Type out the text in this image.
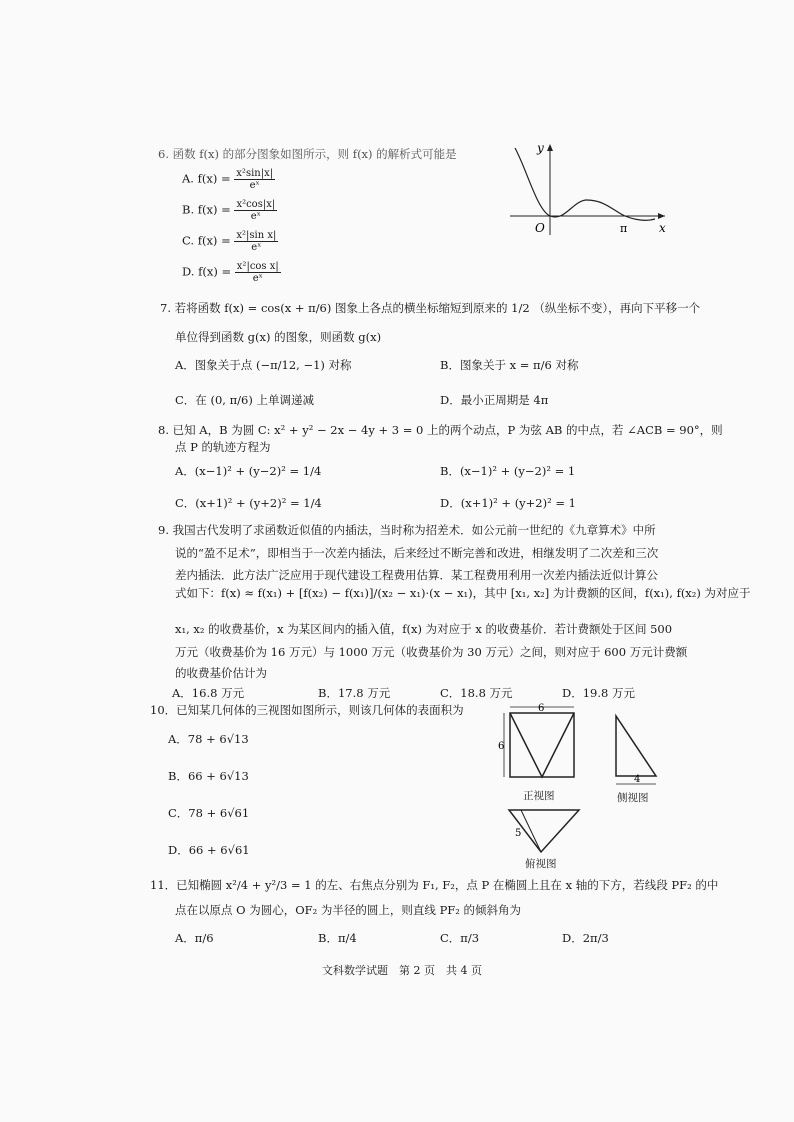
6. 函数 f(x) 的部分图象如图所示，则 f(x) 的解析式可能是
A. $f(x) = \frac{\text{x²sin|x|}}{\text{eˣ}}$
B. $f(x) = \frac{\text{x²cos|x|}}{\text{eˣ}}$
C. $f(x) = \frac{\text{x²|sin x|}}{\text{eˣ}}$
D. $f(x) = \frac{\text{x²|cos x|}}{\text{eˣ}}$
y
x
O	π
7. 若将函数 f(x) = cos(x + π/6) 图象上各点的横坐标缩短到原来的 1/2 （纵坐标不变），再向下平移一个
单位得到函数 g(x) 的图象，则函数 g(x)
A．图象关于点 (−π/12, −1) 对称	B．图象关于 x = π/6 对称
C．在 (0, π/6) 上单调递减	D．最小正周期是 4π
8. 已知 A，B 为圆 C: x² + y² − 2x − 4y + 3 = 0 上的两个动点，P 为弦 AB 的中点，若 ∠ACB = 90°，则
点 P 的轨迹方程为
A．(x−1)² + (y−2)² = 1/4	B．(x−1)² + (y−2)² = 1
C．(x+1)² + (y+2)² = 1/4	D．(x+1)² + (y+2)² = 1
9. 我国古代发明了求函数近似值的内插法，当时称为招差术．如公元前一世纪的《九章算术》中所
说的“盈不足术”，即相当于一次差内插法，后来经过不断完善和改进，相继发明了二次差和三次
差内插法．此方法广泛应用于现代建设工程费用估算．某工程费用利用一次差内插法近似计算公
式如下：f(x) ≈ f(x₁) + [f(x₂) − f(x₁)]/(x₂ − x₁)·(x − x₁)，其中 [x₁, x₂] 为计费额的区间，f(x₁), f(x₂) 为对应于
x₁, x₂ 的收费基价，x 为某区间内的插入值，f(x) 为对应于 x 的收费基价．若计费额处于区间 500
万元（收费基价为 16 万元）与 1000 万元（收费基价为 30 万元）之间，则对应于 600 万元计费额
的收费基价估计为
A．16.8 万元	B．17.8 万元	C．18.8 万元	D．19.8 万元
10．已知某几何体的三视图如图所示，则该几何体的表面积为
A．78 + 6√13
B．66 + 6√13
C．78 + 6√61
D．66 + 6√61
6
6
正视图
4
侧视图
5
俯视图
11．已知椭圆 x²/4 + y²/3 = 1 的左、右焦点分别为 F₁, F₂，点 P 在椭圆上且在 x 轴的下方，若线段 PF₂ 的中
点在以原点 O 为圆心，OF₂ 为半径的圆上，则直线 PF₂ 的倾斜角为
A．π/6	B．π/4	C．π/3	D．2π/3
文科数学试题　第 2 页　共 4 页
